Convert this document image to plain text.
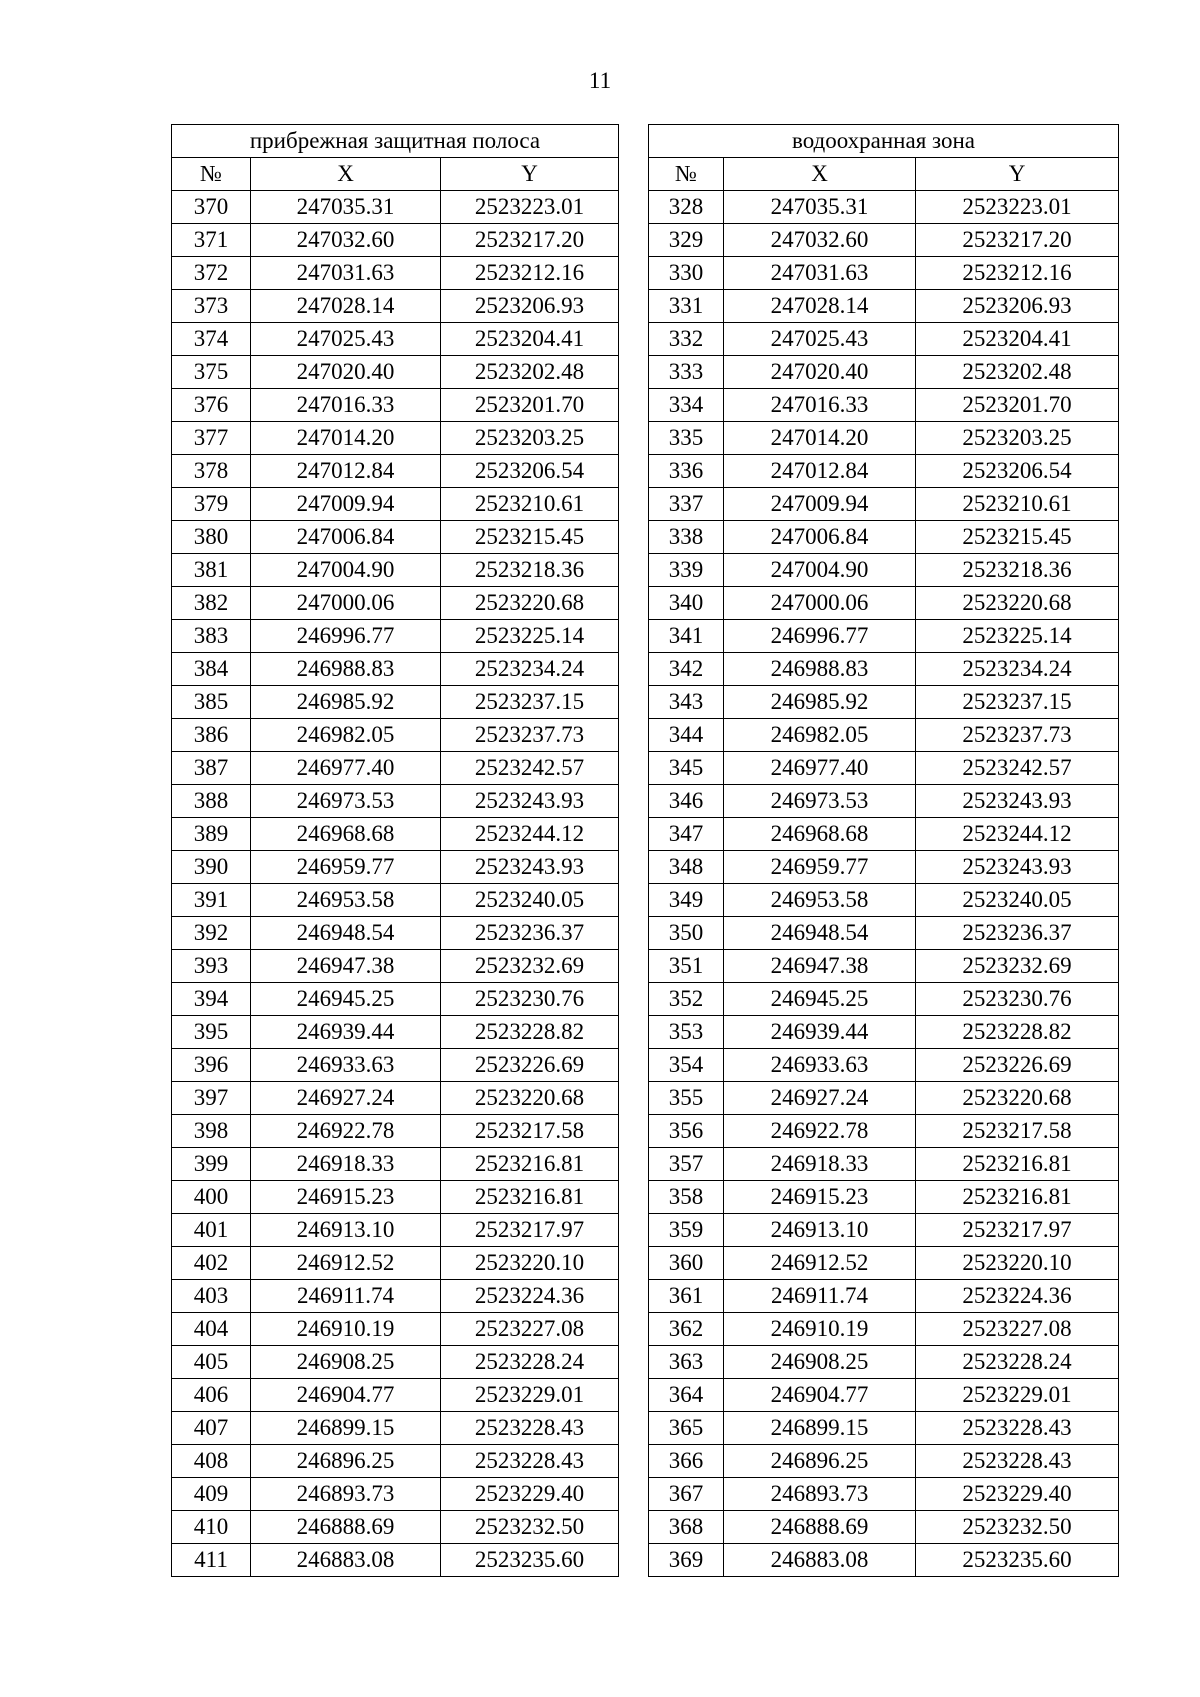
11
прибрежная защитная полоса		
№	X	Y
370	247035.31	2523223.01
371	247032.60	2523217.20
372	247031.63	2523212.16
373	247028.14	2523206.93
374	247025.43	2523204.41
375	247020.40	2523202.48
376	247016.33	2523201.70
377	247014.20	2523203.25
378	247012.84	2523206.54
379	247009.94	2523210.61
380	247006.84	2523215.45
381	247004.90	2523218.36
382	247000.06	2523220.68
383	246996.77	2523225.14
384	246988.83	2523234.24
385	246985.92	2523237.15
386	246982.05	2523237.73
387	246977.40	2523242.57
388	246973.53	2523243.93
389	246968.68	2523244.12
390	246959.77	2523243.93
391	246953.58	2523240.05
392	246948.54	2523236.37
393	246947.38	2523232.69
394	246945.25	2523230.76
395	246939.44	2523228.82
396	246933.63	2523226.69
397	246927.24	2523220.68
398	246922.78	2523217.58
399	246918.33	2523216.81
400	246915.23	2523216.81
401	246913.10	2523217.97
402	246912.52	2523220.10
403	246911.74	2523224.36
404	246910.19	2523227.08
405	246908.25	2523228.24
406	246904.77	2523229.01
407	246899.15	2523228.43
408	246896.25	2523228.43
409	246893.73	2523229.40
410	246888.69	2523232.50
411	246883.08	2523235.60
водоохранная зона		
№	X	Y
328	247035.31	2523223.01
329	247032.60	2523217.20
330	247031.63	2523212.16
331	247028.14	2523206.93
332	247025.43	2523204.41
333	247020.40	2523202.48
334	247016.33	2523201.70
335	247014.20	2523203.25
336	247012.84	2523206.54
337	247009.94	2523210.61
338	247006.84	2523215.45
339	247004.90	2523218.36
340	247000.06	2523220.68
341	246996.77	2523225.14
342	246988.83	2523234.24
343	246985.92	2523237.15
344	246982.05	2523237.73
345	246977.40	2523242.57
346	246973.53	2523243.93
347	246968.68	2523244.12
348	246959.77	2523243.93
349	246953.58	2523240.05
350	246948.54	2523236.37
351	246947.38	2523232.69
352	246945.25	2523230.76
353	246939.44	2523228.82
354	246933.63	2523226.69
355	246927.24	2523220.68
356	246922.78	2523217.58
357	246918.33	2523216.81
358	246915.23	2523216.81
359	246913.10	2523217.97
360	246912.52	2523220.10
361	246911.74	2523224.36
362	246910.19	2523227.08
363	246908.25	2523228.24
364	246904.77	2523229.01
365	246899.15	2523228.43
366	246896.25	2523228.43
367	246893.73	2523229.40
368	246888.69	2523232.50
369	246883.08	2523235.60
